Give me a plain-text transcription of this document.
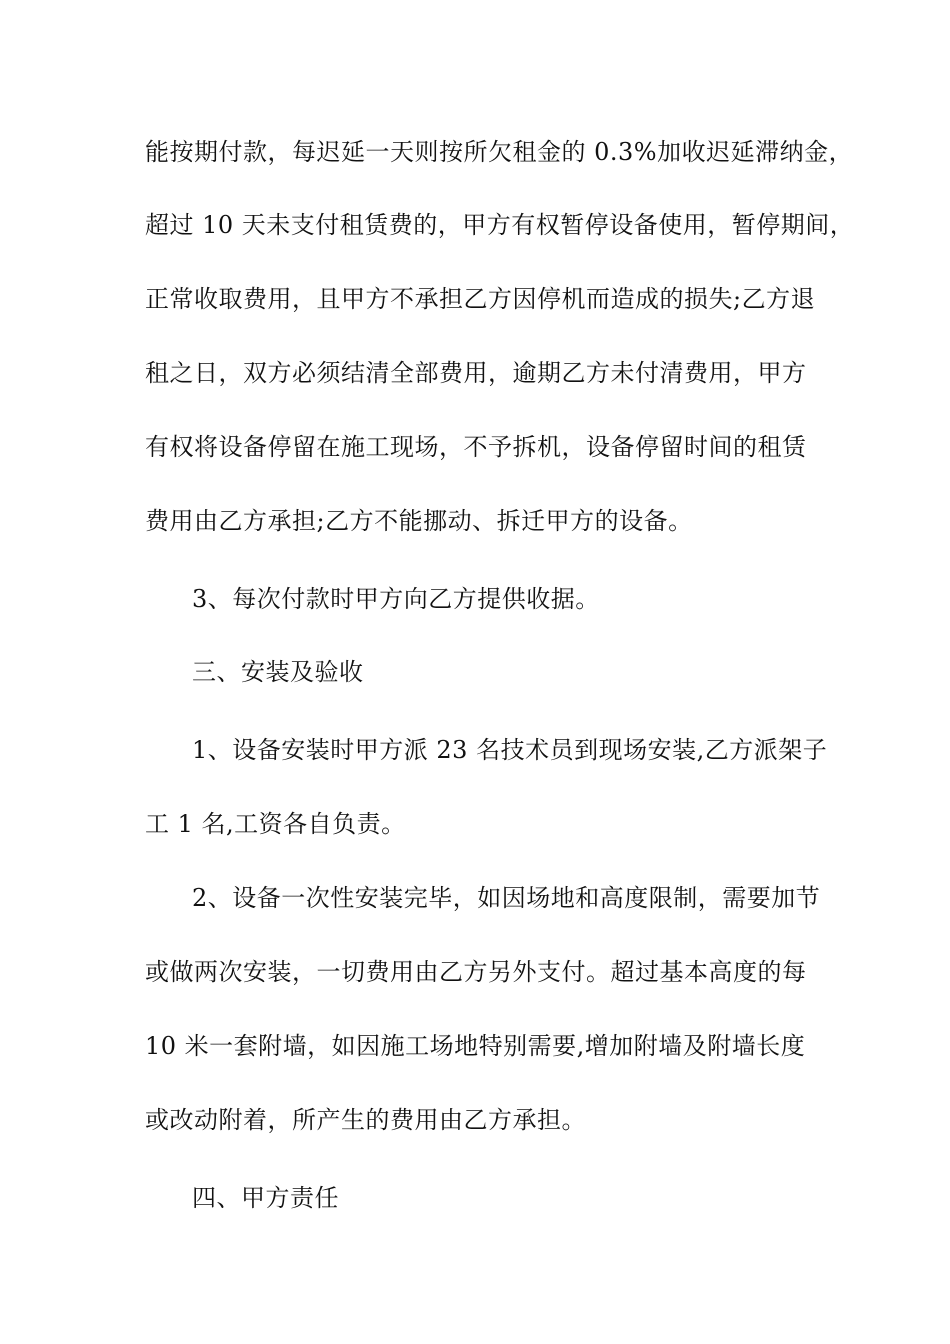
能按期付款，每迟延一天则按所欠租金的 0.3%加收迟延滞纳金，
超过 10 天未支付租赁费的，甲方有权暂停设备使用，暂停期间，
正常收取费用，且甲方不承担乙方因停机而造成的损失;乙方退
租之日，双方必须结清全部费用，逾期乙方未付清费用，甲方
有权将设备停留在施工现场，不予拆机，设备停留时间的租赁
费用由乙方承担;乙方不能挪动、拆迁甲方的设备。
3、每次付款时甲方向乙方提供收据。
三、安装及验收
1、设备安装时甲方派 23 名技术员到现场安装,乙方派架子
工 1 名,工资各自负责。
2、设备一次性安装完毕，如因场地和高度限制，需要加节
或做两次安装，一切费用由乙方另外支付。超过基本高度的每
10 米一套附墙，如因施工场地特别需要,增加附墙及附墙长度
或改动附着，所产生的费用由乙方承担。
四、甲方责任
